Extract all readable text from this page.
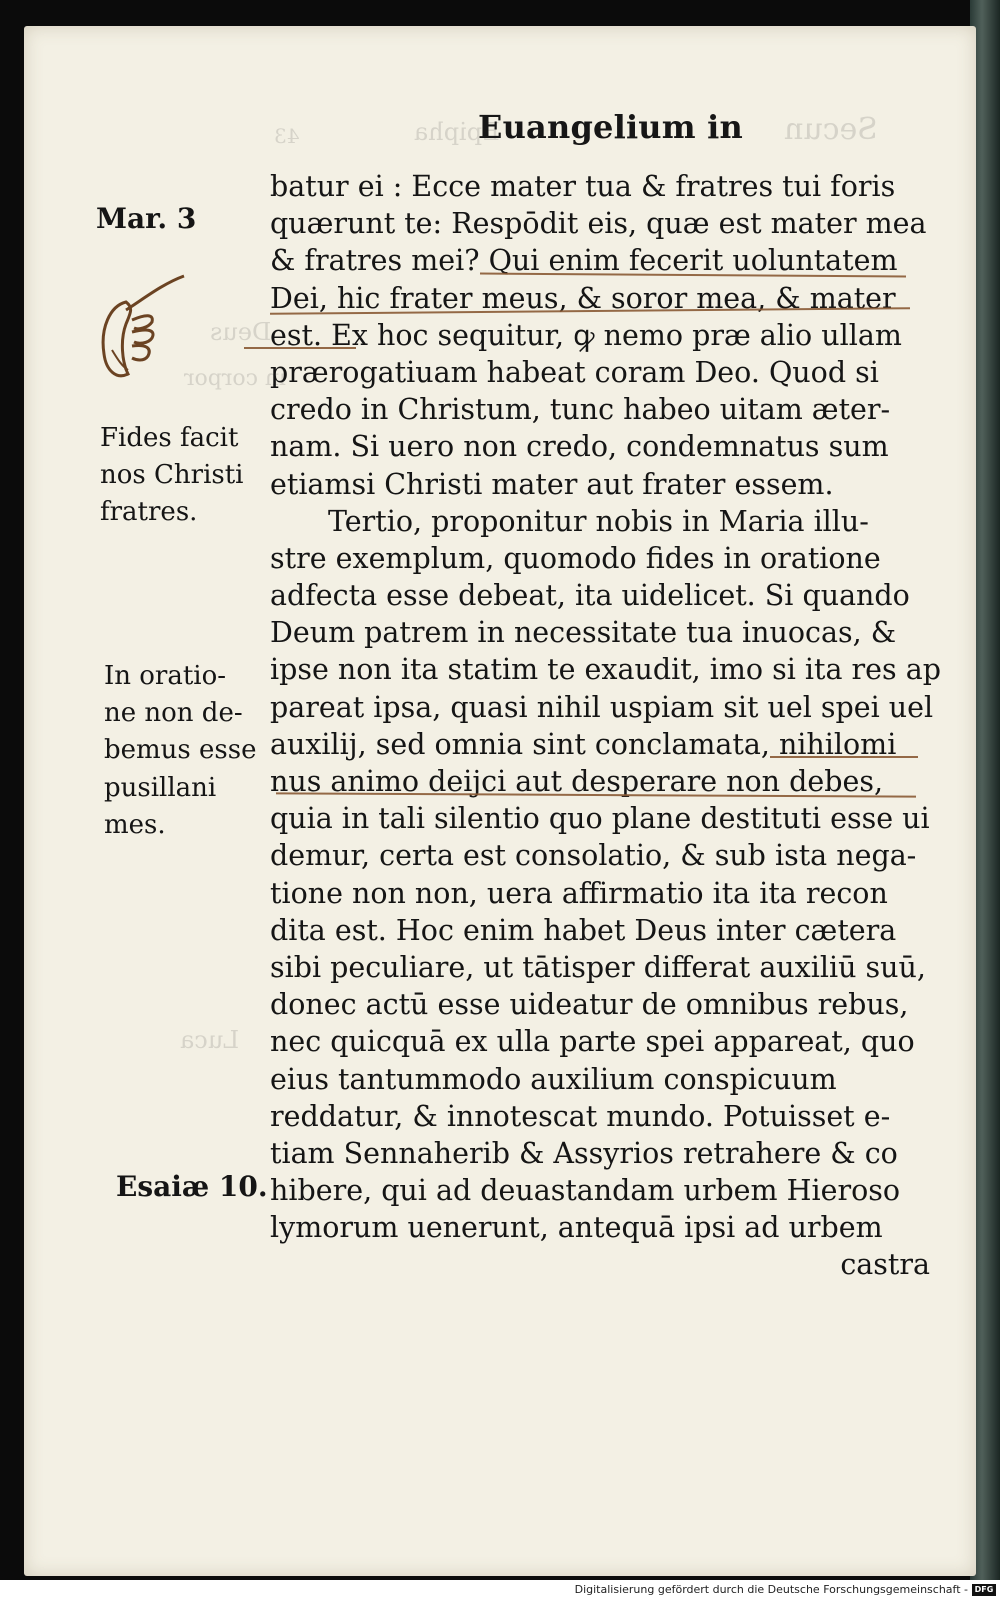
Secun
Epipha
43
Deus
in corpor
Luca
Euangelium in
Mar. 3
Fides facit
nos Christi
fratres.
In oratio-
ne non de-
bemus esse
pusillani
mes.
Esaiæ 10.
batur ei : Ecce mater tua & fratres tui foris
quærunt te: Respōdit eis, quæ est mater mea
& fratres mei? Qui enim fecerit uoluntatem
Dei, hic frater meus, & soror mea, & mater
est. Ex hoc sequitur, ꝙ nemo præ alio ullam
prærogatiuam habeat coram Deo. Quod si
credo in Christum, tunc habeo uitam æter-
nam. Si uero non credo, condemnatus sum
etiamsi Christi mater aut frater essem.
Tertio, proponitur nobis in Maria illu-
stre exemplum, quomodo fides in oratione
adfecta esse debeat, ita uidelicet. Si quando
Deum patrem in necessitate tua inuocas, &
ipse non ita statim te exaudit, imo si ita res ap
pareat ipsa, quasi nihil uspiam sit uel spei uel
auxilij, sed omnia sint conclamata, nihilomi
nus animo deijci aut desperare non debes,
quia in tali silentio quo plane destituti esse ui
demur, certa est consolatio, & sub ista nega-
tione non non, uera affirmatio ita ita recon
dita est. Hoc enim habet Deus inter cætera
sibi peculiare, ut tātisper differat auxiliū suū,
donec actū esse uideatur de omnibus rebus,
nec quicquā ex ulla parte spei appareat, quo
eius tantummodo auxilium conspicuum
reddatur, & innotescat mundo. Potuisset e-
tiam Sennaherib & Assyrios retrahere & co
hibere, qui ad deuastandam urbem Hieroso
lymorum uenerunt, antequā ipsi ad urbem
castra
Digitalisierung gefördert durch die Deutsche Forschungsgemeinschaft - DFG
